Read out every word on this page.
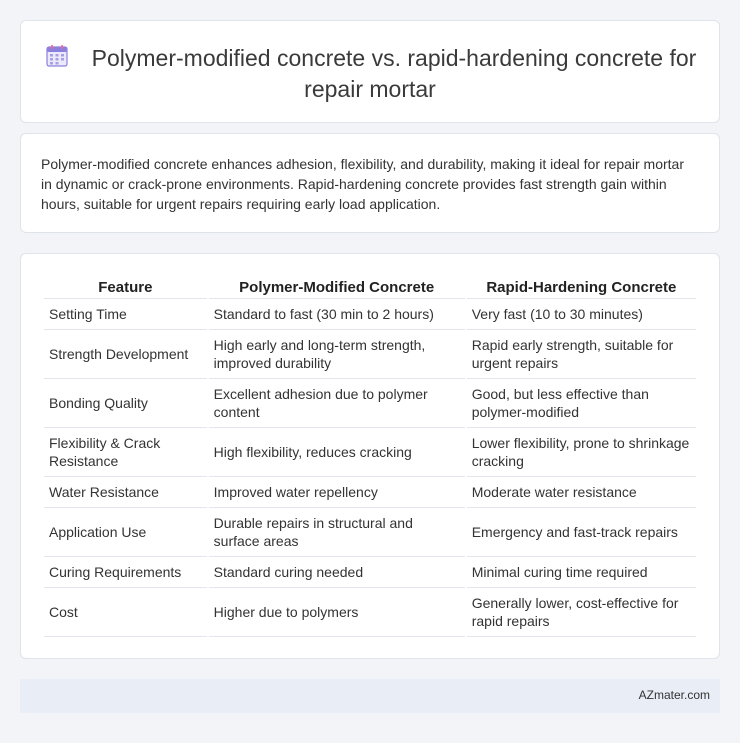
Polymer-modified concrete vs. rapid-hardening concrete for repair mortar

Polymer-modified concrete enhances adhesion, flexibility, and durability, making it ideal for repair mortar in dynamic or crack-prone environments. Rapid-hardening concrete provides fast strength gain within hours, suitable for urgent repairs requiring early load application.

Feature	Polymer-Modified Concrete	Rapid-Hardening Concrete
Setting Time	Standard to fast (30 min to 2 hours)	Very fast (10 to 30 minutes)
Strength Development	High early and long-term strength, improved durability	Rapid early strength, suitable for urgent repairs
Bonding Quality	Excellent adhesion due to polymer content	Good, but less effective than polymer-modified
Flexibility & Crack Resistance	High flexibility, reduces cracking	Lower flexibility, prone to shrinkage cracking
Water Resistance	Improved water repellency	Moderate water resistance
Application Use	Durable repairs in structural and surface areas	Emergency and fast-track repairs
Curing Requirements	Standard curing needed	Minimal curing time required
Cost	Higher due to polymers	Generally lower, cost-effective for rapid repairs
AZmater.com
